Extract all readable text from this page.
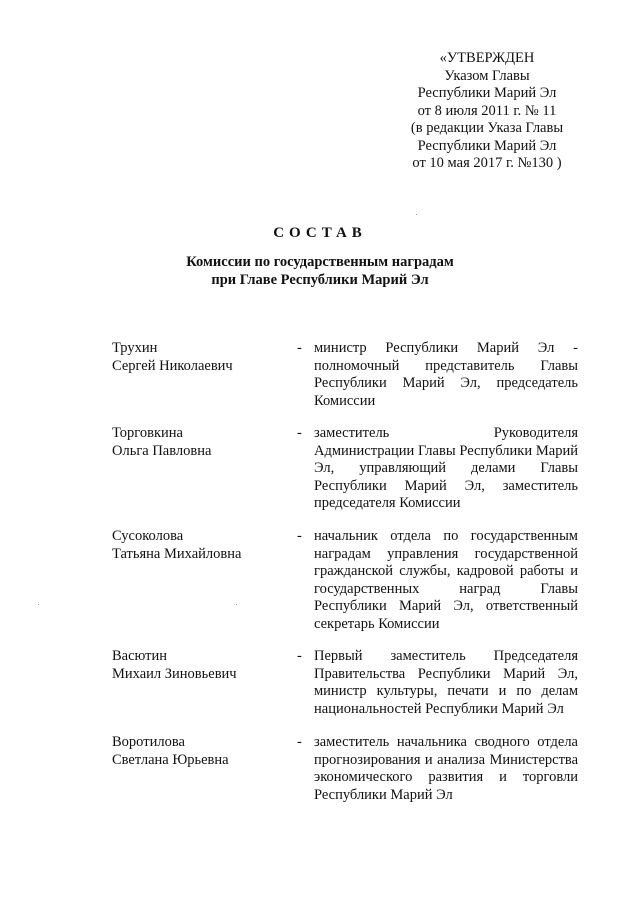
«УТВЕРЖДЕН
Указом Главы
Республики Марий Эл
от 8 июля 2011 г. № 11
(в редакции Указа Главы
Республики Марий Эл
от 10 мая 2017 г. №130 )
СОСТАВ
Комиссии по государственным наградам
при Главе Республики Марий Эл
Трухин
Сергей Николаевич
- министр Республики Марий Эл - полномочный представитель Главы Республики Марий Эл, председатель Комиссии
Торговкина
Ольга Павловна
- заместитель Руководителя Администрации Главы Республики Марий Эл, управляющий делами Главы Республики Марий Эл, заместитель председателя Комиссии
Сусоколова
Татьяна Михайловна
- начальник отдела по государственным наградам управления государственной гражданской службы, кадровой работы и государственных наград Главы Республики Марий Эл, ответственный секретарь Комиссии
Васютин
Михаил Зиновьевич
- Первый заместитель Председателя Правительства Республики Марий Эл, министр культуры, печати и по делам национальностей Республики Марий Эл
Воротилова
Светлана Юрьевна
- заместитель начальника сводного отдела прогнозирования и анализа Министерства экономического развития и торговли Республики Марий Эл
